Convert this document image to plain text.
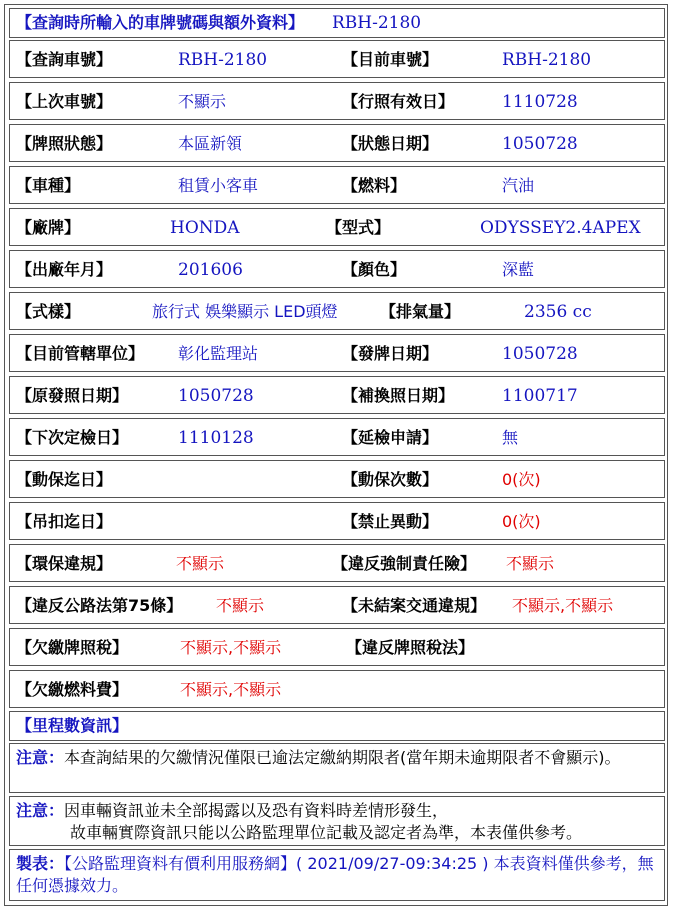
【查詢時所輸入的車牌號碼與額外資料】 RBH-2180
【查詢車號】	RBH-2180	【目前車號】	RBH-2180
【上次車號】	不顯示	【行照有效日】	1110728
【牌照狀態】	本區新領	【狀態日期】	1050728
【車種】	租賃小客車	【燃料】	汽油
【廠牌】	HONDA	【型式】	ODYSSEY2.4APEX
【出廠年月】	201606	【顏色】	深藍
【式樣】	旅行式 娛樂顯示 LED頭燈	【排氣量】	2356 cc
【目前管轄單位】 彰化監理站	【發牌日期】	1050728
【原發照日期】	1050728	【補換照日期】	1100717
【下次定檢日】	1110128	【延檢申請】	無
【動保迄日】	【動保次數】	0(次)
【吊扣迄日】	【禁止異動】	0(次)
【環保違規】	不顯示	【違反強制責任險】 不顯示
【違反公路法第75條】 不顯示	【未結案交通違規】 不顯示,不顯示
【欠繳牌照稅】	不顯示,不顯示	【違反牌照稅法】
【欠繳燃料費】	不顯示,不顯示
【里程數資訊】
注意：本查詢結果的欠繳情況僅限已逾法定繳納期限者(當年期未逾期限者不會顯示)。
注意：因車輛資訊並未全部揭露以及恐有資料時差情形發生，
故車輛實際資訊只能以公路監理單位記載及認定者為準，本表僅供參考。
製表：【公路監理資料有價利用服務網】( 2021/09/27-09:34:25 ) 本表資料僅供參考，無任何憑據效力。
